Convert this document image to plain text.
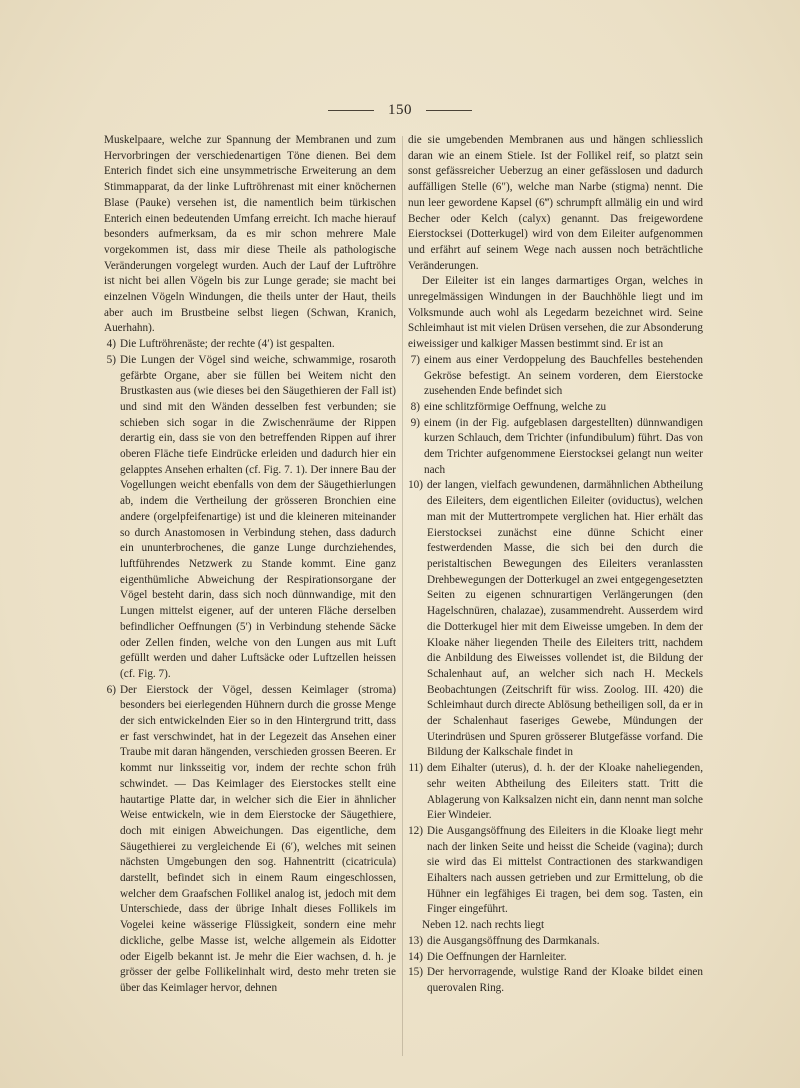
150

Muskelpaare, welche zur Spannung der Membranen und zum Hervorbringen der verschiedenartigen Töne dienen. Bei dem Enterich findet sich eine unsymmetrische Erweiterung an dem Stimmapparat, da der linke Luftröhrenast mit einer knöchernen Blase (Pauke) versehen ist, die namentlich beim türkischen Enterich einen bedeutenden Umfang erreicht. Ich mache hierauf besonders aufmerksam, da es mir schon mehrere Male vorgekommen ist, dass mir diese Theile als pathologische Veränderungen vorgelegt wurden. Auch der Lauf der Luftröhre ist nicht bei allen Vögeln bis zur Lunge gerade; sie macht bei einzelnen Vögeln Windungen, die theils unter der Haut, theils aber auch im Brustbeine selbst liegen (Schwan, Kranich, Auerhahn).

4 ) Die Luftröhrenäste; der rechte (4′) ist gespalten.
5 ) Die Lungen der Vögel sind weiche, schwammige, rosaroth gefärbte Organe, aber sie füllen bei Weitem nicht den Brustkasten aus (wie dieses bei den Säugethieren der Fall ist) und sind mit den Wänden desselben fest verbunden; sie schieben sich sogar in die Zwischenräume der Rippen derartig ein, dass sie von den betreffenden Rippen auf ihrer oberen Fläche tiefe Eindrücke erleiden und dadurch hier ein gelapptes Ansehen erhalten (cf. Fig. 7. 1). Der innere Bau der Vogellungen weicht ebenfalls von dem der Säugethierlungen ab, indem die Vertheilung der grösseren Bronchien eine andere (orgelpfeifenartige) ist und die kleineren miteinander so durch Anastomosen in Verbindung stehen, dass dadurch ein ununterbrochenes, die ganze Lunge durchziehendes, luftführendes Netzwerk zu Stande kommt. Eine ganz eigenthümliche Abweichung der Respirationsorgane der Vögel besteht darin, dass sich noch dünnwandige, mit den Lungen mittelst eigener, auf der unteren Fläche derselben befindlicher Oeffnungen (5′) in Verbindung stehende Säcke oder Zellen finden, welche von den Lungen aus mit Luft gefüllt werden und daher Luftsäcke oder Luftzellen heissen (cf. Fig. 7).
6 ) Der Eierstock der Vögel, dessen Keimlager (stroma) besonders bei eierlegenden Hühnern durch die grosse Menge der sich entwickelnden Eier so in den Hintergrund tritt, dass er fast verschwindet, hat in der Legezeit das Ansehen einer Traube mit daran hängenden, verschieden grossen Beeren. Er kommt nur linksseitig vor, indem der rechte schon früh schwindet. — Das Keimlager des Eierstockes stellt eine hautartige Platte dar, in welcher sich die Eier in ähnlicher Weise entwickeln, wie in dem Eierstocke der Säugethiere, doch mit einigen Abweichungen. Das eigentliche, dem Säugethierei zu vergleichende Ei (6′), welches mit seinen nächsten Umgebungen den sog. Hahnentritt (cicatricula) darstellt, befindet sich in einem Raum eingeschlossen, welcher dem Graafschen Follikel analog ist, jedoch mit dem Unterschiede, dass der übrige Inhalt dieses Follikels im Vogelei keine wässerige Flüssigkeit, sondern eine mehr dickliche, gelbe Masse ist, welche allgemein als Eidotter oder Eigelb bekannt ist. Je mehr die Eier wachsen, d. h. je grösser der gelbe Follikelinhalt wird, desto mehr treten sie über das Keimlager hervor, dehnen

die sie umgebenden Membranen aus und hängen schliesslich daran wie an einem Stiele. Ist der Follikel reif, so platzt sein sonst gefässreicher Ueberzug an einer gefässlosen und dadurch auffälligen Stelle (6″), welche man Narbe (stigma) nennt. Die nun leer gewordene Kapsel (6‴) schrumpft allmälig ein und wird Becher oder Kelch (calyx) genannt. Das freigewordene Eierstocksei (Dotterkugel) wird von dem Eileiter aufgenommen und erfährt auf seinem Wege nach aussen noch beträchtliche Veränderungen.

Der Eileiter ist ein langes darmartiges Organ, welches in unregelmässigen Windungen in der Bauchhöhle liegt und im Volksmunde auch wohl als Legedarm bezeichnet wird. Seine Schleimhaut ist mit vielen Drüsen versehen, die zur Absonderung eiweissiger und kalkiger Massen bestimmt sind. Er ist an

7 ) einem aus einer Verdoppelung des Bauchfelles bestehenden Gekröse befestigt. An seinem vorderen, dem Eierstocke zusehenden Ende befindet sich
8 ) eine schlitzförmige Oeffnung, welche zu
9 ) einem (in der Fig. aufgeblasen dargestellten) dünnwandigen kurzen Schlauch, dem Trichter (infundibulum) führt. Das von dem Trichter aufgenommene Eierstocksei gelangt nun weiter nach
10 ) der langen, vielfach gewundenen, darmähnlichen Abtheilung des Eileiters, dem eigentlichen Eileiter (oviductus), welchen man mit der Muttertrompete verglichen hat. Hier erhält das Eierstocksei zunächst eine dünne Schicht einer festwerdenden Masse, die sich bei den durch die peristaltischen Bewegungen des Eileiters veranlassten Drehbewegungen der Dotterkugel an zwei entgegengesetzten Seiten zu eigenen schnurartigen Verlängerungen (den Hagelschnüren, chalazae), zusammendreht. Ausserdem wird die Dotterkugel hier mit dem Eiweisse umgeben. In dem der Kloake näher liegenden Theile des Eileiters tritt, nachdem die Anbildung des Eiweisses vollendet ist, die Bildung der Schalenhaut auf, an welcher sich nach H. Meckels Beobachtungen (Zeitschrift für wiss. Zoolog. III. 420) die Schleimhaut durch directe Ablösung betheiligen soll, da er in der Schalenhaut faseriges Gewebe, Mündungen der Uterindrüsen und Spuren grösserer Blutgefässe vorfand. Die Bildung der Kalkschale findet in
11 ) dem Eihalter (uterus), d. h. der der Kloake naheliegenden, sehr weiten Abtheilung des Eileiters statt. Tritt die Ablagerung von Kalksalzen nicht ein, dann nennt man solche Eier Windeier.
12 ) Die Ausgangsöffnung des Eileiters in die Kloake liegt mehr nach der linken Seite und heisst die Scheide (vagina); durch sie wird das Ei mittelst Contractionen des starkwandigen Eihalters nach aussen getrieben und zur Ermittelung, ob die Hühner ein legfähiges Ei tragen, bei dem sog. Tasten, ein Finger eingeführt.

Neben 12. nach rechts liegt

13 ) die Ausgangsöffnung des Darmkanals.
14 ) Die Oeffnungen der Harnleiter.
15 ) Der hervorragende, wulstige Rand der Kloake bildet einen querovalen Ring.
